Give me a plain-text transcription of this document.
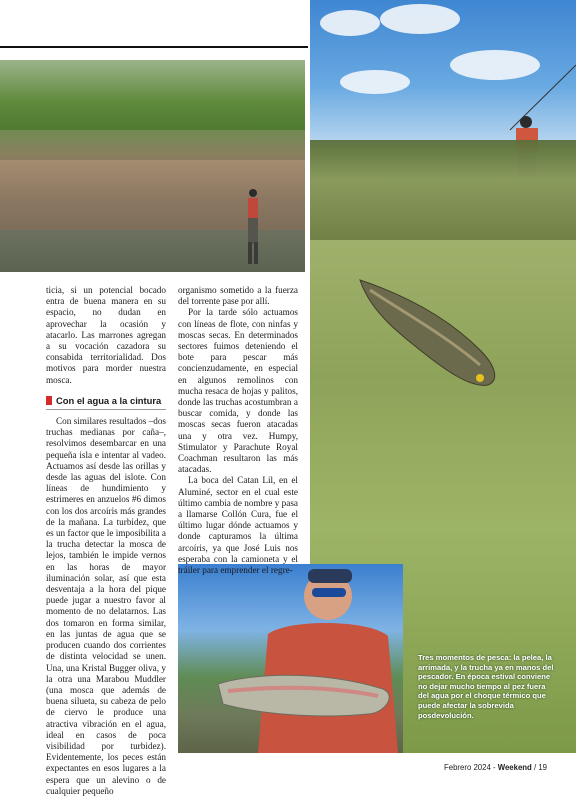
Tres momentos de pesca: la pelea, la arrimada, y la trucha ya en manos del pescador. En época estival conviene no dejar mucho tiempo al pez fuera del agua por el choque térmico que puede afectar la sobrevida posdevolución.

ticia, si un potencial bocado entra de buena manera en su espacio, no dudan en aprovechar la ocasión y atacarlo. Las marrones agregan a su vocación cazadora su consabida territorialidad. Dos motivos para morder nuestra mosca.

Con el agua a la cintura

Con similares resultados –dos truchas medianas por caña–, resolvimos desembarcar en una pequeña isla e intentar al vadeo. Actuamos así desde las orillas y desde las aguas del islote. Con líneas de hundimiento y estrimeres en anzuelos #6 dimos con los dos arcoíris más grandes de la mañana. La turbidez, que es un factor que le imposibilita a la trucha detectar la mosca de lejos, también le impide vernos en las horas de mayor iluminación solar, así que esta desventaja a la hora del pique puede jugar a nuestro favor al momento de no delatarnos. Las dos tomaron en forma similar, en las juntas de agua que se producen cuando dos corrientes de distinta velocidad se unen. Una, una Kristal Bugger oliva, y la otra una Marabou Muddler (una mosca que además de buena silueta, su cabeza de pelo de ciervo le produce una atractiva vibración en el agua, ideal en casos de poca visibilidad por turbidez). Evidentemente, los peces están expectantes en esos lugares a la espera que un alevino o de cualquier pequeño

organismo sometido a la fuerza del torrente pase por allí.

Por la tarde sólo actuamos con líneas de flote, con ninfas y moscas secas. En determinados sectores fuimos deteniendo el bote para pescar más concienzudamente, en especial en algunos remolinos con mucha resaca de hojas y palitos, donde las truchas acostumbran a buscar comida, y donde las moscas secas fueron atacadas una y otra vez. Humpy, Stimulator y Parachute Royal Coachman resultaron las más atacadas.

La boca del Catan Lil, en el Aluminé, sector en el cual este último cambia de nombre y pasa a llamarse Collón Cura, fue el último lugar dónde actuamos y donde capturamos la última arcoíris, ya que José Luis nos esperaba con la camioneta y el tráiler para emprender el regre-

Febrero 2024 - Weekend / 19
